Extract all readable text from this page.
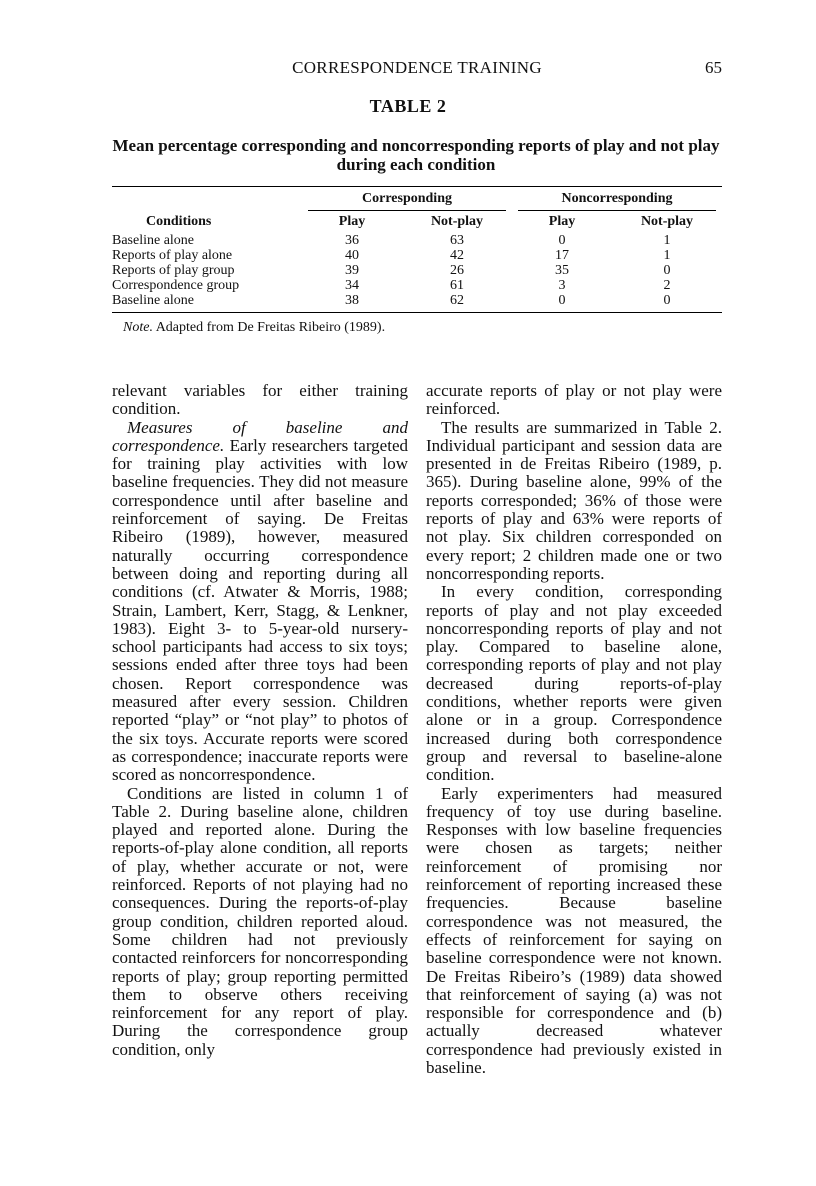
CORRESPONDENCE TRAINING	65
TABLE 2
Mean percentage corresponding and noncorresponding reports of play and not play during each condition
	Corresponding		Noncorresponding	

Conditions	Play	Not-play	Play	Not-play
Baseline alone	36	63	0	1
Reports of play alone	40	42	17	1
Reports of play group	39	26	35	0
Correspondence group	34	61	3	2
Baseline alone	38	62	0	0
Note. Adapted from De Freitas Ribeiro (1989).

relevant variables for either training condition.

Measures of baseline and correspondence. Early researchers targeted for training play activities with low baseline frequencies. They did not measure correspondence until after baseline and reinforcement of saying. De Freitas Ribeiro (1989), however, measured naturally occurring correspondence between doing and reporting during all conditions (cf. Atwater & Morris, 1988; Strain, Lambert, Kerr, Stagg, & Lenkner, 1983). Eight 3- to 5-year-old nursery-school participants had access to six toys; sessions ended after three toys had been chosen. Report correspondence was measured after every session. Children reported “play” or “not play” to photos of the six toys. Accurate reports were scored as correspondence; inaccurate reports were scored as noncorrespondence.

Conditions are listed in column 1 of Table 2. During baseline alone, children played and reported alone. During the reports-of-play alone condition, all reports of play, whether accurate or not, were reinforced. Reports of not playing had no consequences. During the reports-of-play group condition, children reported aloud. Some children had not previously contacted reinforcers for noncorresponding reports of play; group reporting permitted them to observe others receiving reinforcement for any report of play. During the correspondence group condition, only

accurate reports of play or not play were reinforced.

The results are summarized in Table 2. Individual participant and session data are presented in de Freitas Ribeiro (1989, p. 365). During baseline alone, 99% of the reports corresponded; 36% of those were reports of play and 63% were reports of not play. Six children corresponded on every report; 2 children made one or two noncorresponding reports.

In every condition, corresponding reports of play and not play exceeded noncorresponding reports of play and not play. Compared to baseline alone, corresponding reports of play and not play decreased during reports-of-play conditions, whether reports were given alone or in a group. Correspondence increased during both correspondence group and reversal to baseline-alone condition.

Early experimenters had measured frequency of toy use during baseline. Responses with low baseline frequencies were chosen as targets; neither reinforcement of promising nor reinforcement of reporting increased these frequencies. Because baseline correspondence was not measured, the effects of reinforcement for saying on baseline correspondence were not known. De Freitas Ribeiro’s (1989) data showed that reinforcement of saying (a) was not responsible for correspondence and (b) actually decreased whatever correspondence had previously existed in baseline.
